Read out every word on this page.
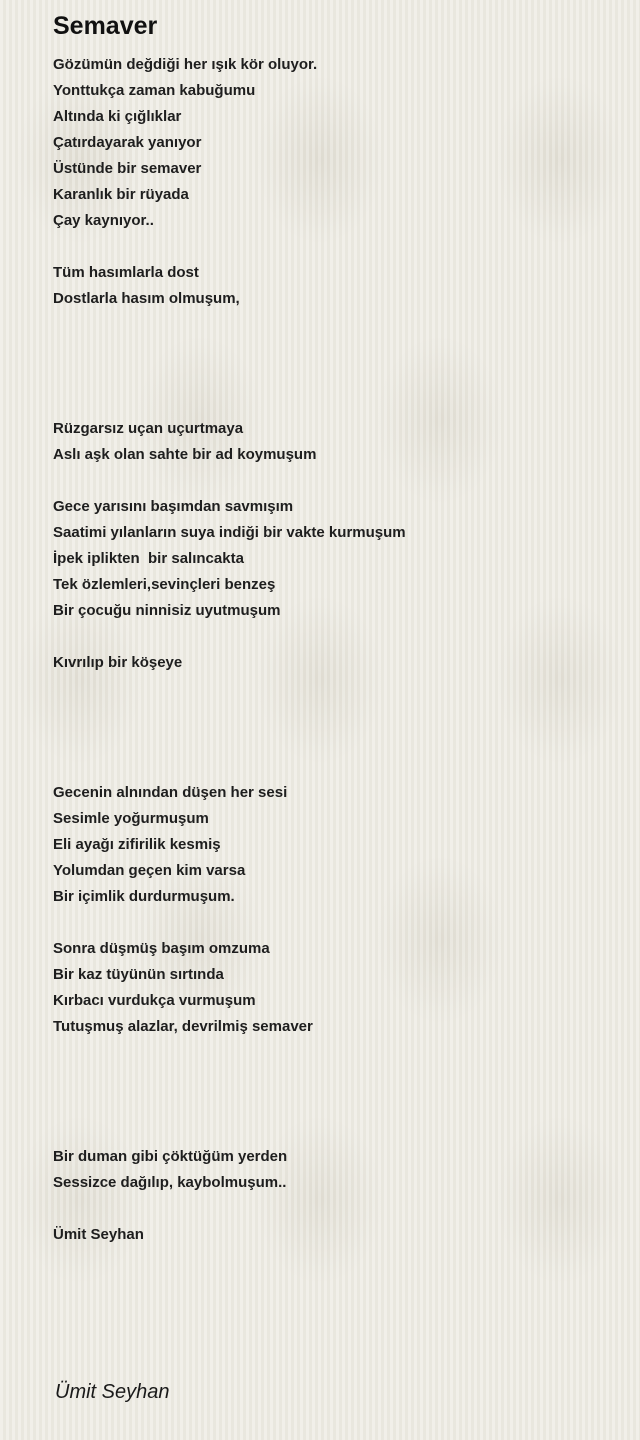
Semaver
Gözümün değdiği her ışık kör oluyor.
Yonttukça zaman kabuğumu
Altında ki çığlıklar
Çatırdayarak yanıyor
Üstünde bir semaver
Karanlık bir rüyada
Çay kaynıyor..
Tüm hasımlarla dost
Dostlarla hasım olmuşum,
Rüzgarsız uçan uçurtmaya
Aslı aşk olan sahte bir ad koymuşum
Gece yarısını başımdan savmışım
Saatimi yılanların suya indiği bir vakte kurmuşum
İpek iplikten  bir salıncakta
Tek özlemleri,sevinçleri benzeş
Bir çocuğu ninnisiz uyutmuşum
Kıvrılıp bir köşeye
Gecenin alnından düşen her sesi
Sesimle yoğurmuşum
Eli ayağı zifirilik kesmiş
Yolumdan geçen kim varsa
Bir içimlik durdurmuşum.
Sonra düşmüş başım omzuma
Bir kaz tüyünün sırtında
Kırbacı vurdukça vurmuşum
Tutuşmuş alazlar, devrilmiş semaver
Bir duman gibi çöktüğüm yerden
Sessizce dağılıp, kaybolmuşum..
Ümit Seyhan
Ümit Seyhan
